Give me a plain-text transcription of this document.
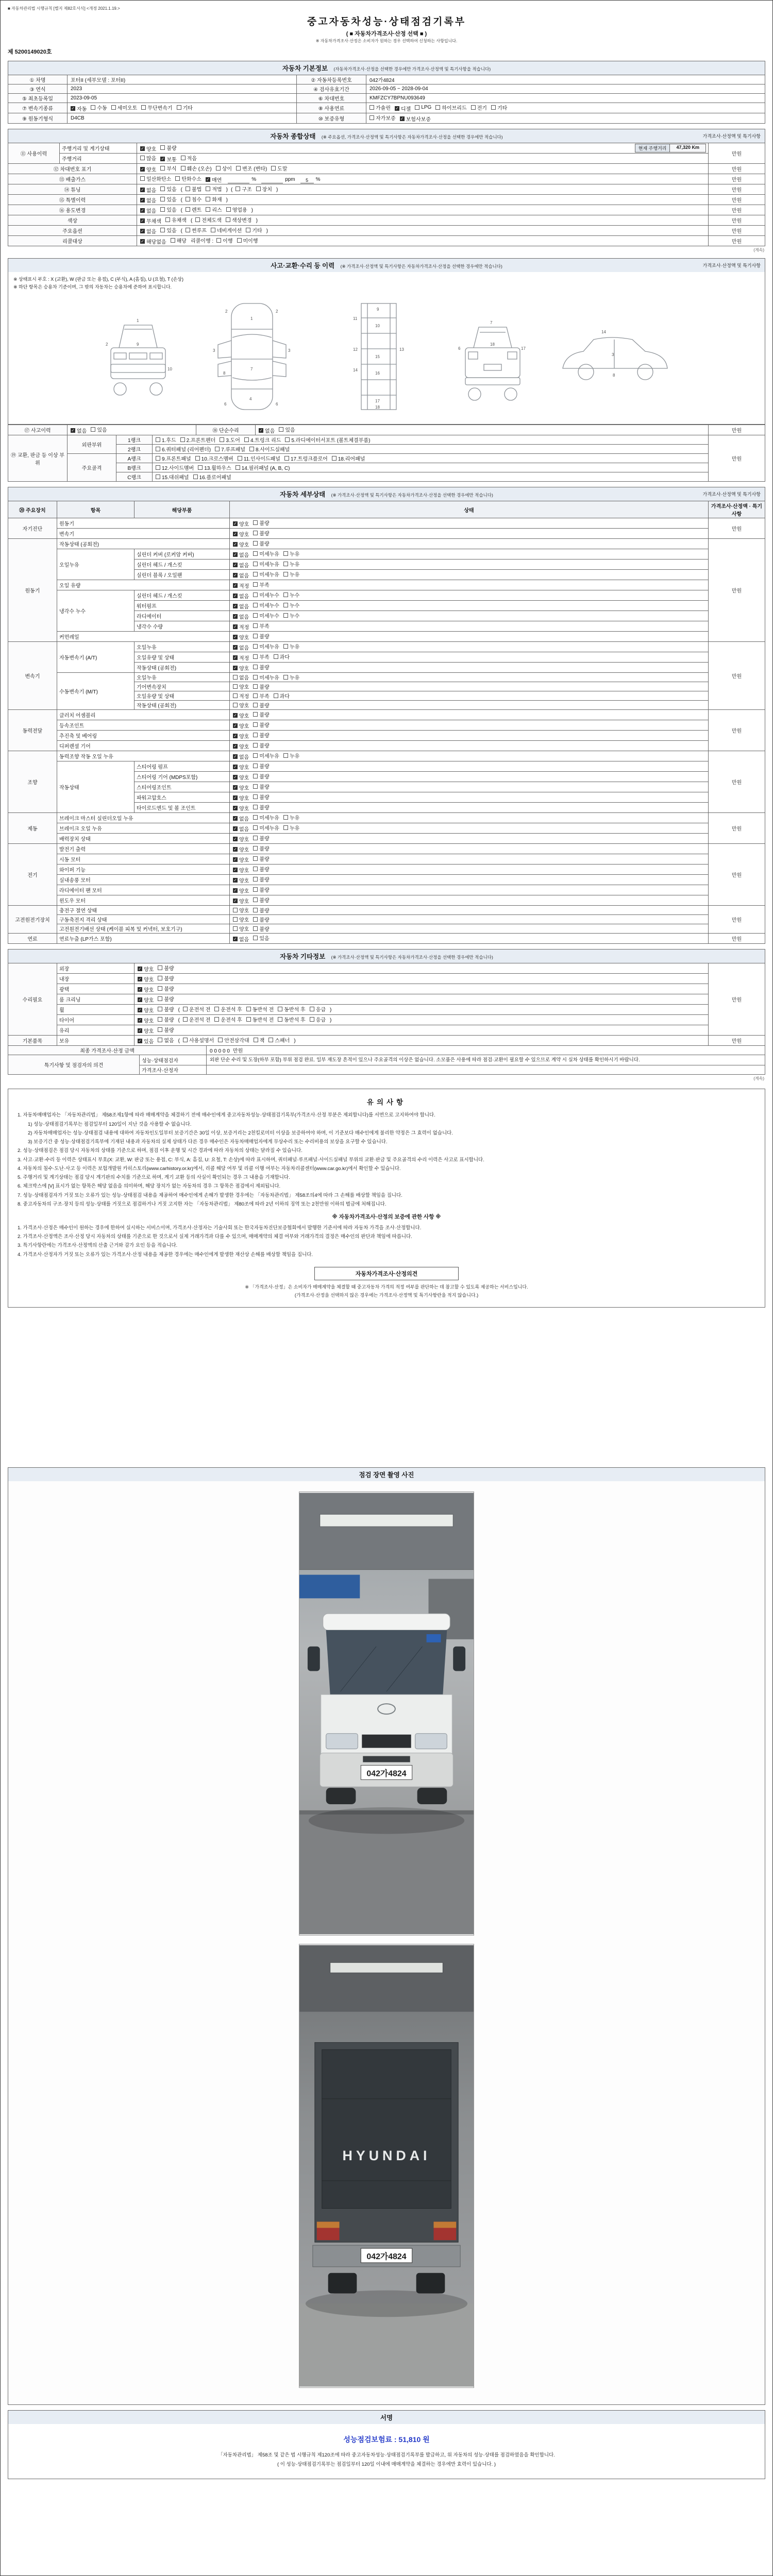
■ 자동차관리법 시행규칙 [별지 제82호서식] <개정 2021.1.19.>
중고자동차성능·상태점검기록부
( ■ 자동차가격조사·산정 선택 ■ )
※ 자동차가격조사·산정은 소비자가 원하는 경우 선택하여 신청하는 사항입니다.
제 5200149020호
자동차 기본정보 (자동차가격조사·산정을 선택한 경우에만 가격조사·산정액 및 특기사항을 적습니다)
① 차명	포터II (세부모델 : 포터II)	② 자동차등록번호	042가4824
③ 연식	2023	④ 검사유효기간	2026-09-05 ~ 2028-09-04
⑤ 최초등록일	2023-09-05	⑥ 차대번호	KMFZCY7BPNU093649
⑦ 변속기종류	✓ 자동 수동 세미오토 무단변속기 기타	⑧ 사용연료	가솔린 ✓ 디젤 LPG 하이브리드 전기 기타

⑨ 원동기형식	D4CB	⑩ 보증유형	자가보증 ✓ 보험사보증
자동차 종합상태 (※ 주요옵션, 가격조사·산정액 및 특기사항은 자동차가격조사·산정을 선택한 경우에만 적습니다)	가격조사·산정액 및 특기사항
⑪ 사용이력	주행거리 및 계기상태	✓ 양호 불량 현재 주행거리 47,320 Km	만원
	주행거리	많음 ✓ 보통 적음	

⑫ 차대번호 표기	✓ 양호 부식 훼손 (오손) 상이 변조 (변타) 도말	만원
⑬ 배출가스		일산화탄소 탄화수소 ✓ 매연 % ppm 5 %	만원
⑭ 튜닝	✓ 없음 있음 ( 불법 적법 ) ( 구조 장치 )	만원
⑮ 특별이력	✓ 없음 있음 ( 침수 화재 )	만원
⑯ 용도변경	✓ 없음 있음 ( 렌트 리스 영업용 )	만원
색상	✓ 무채색 유채색 ( 전체도색 색상변경 )	만원
주요옵션	✓ 없음 있음 ( 썬루프 네비게이션 기타 )	만원
리콜대상	✓ 해당없음 해당 리콜이행 : 이행 미이행	만원
(계속)
사고·교환·수리 등 이력 (※ 가격조사·산정액 및 특기사항은 자동차가격조사·산정을 선택한 경우에만 적습니다)	가격조사·산정액 및 특기사항
※ 상태표시 부호 : X (교환), W (판금 또는 용접), C (부식), A (흠집), U (요철), T (손상)
※ 하단 항목은 승용차 기준이며, 그 밖의 자동차는 승용차에 준하여 표시합니다.
1
2	9
10
1
7
4
2	2
3	3
6	6
8
9
10
11
12	13
14
15
16
17
18
7
17
18
6
3
8
14
⑰ 사고이력	✓ 없음 있음	⑱ 단순수리	✓ 없음 있음	만원
⑲ 교환, 판금 등 이상 부위	외판부위	1랭크	1.후드 2.프론트펜더 3.도어 4.트렁크 리드 5.라디에이터서포트 (볼트체결부품)	만원
		2랭크	6.쿼터패널 (리어펜더) 7.루프패널 8.사이드실패널	

	주요골격	A랭크	9.프론트패널 10.크로스멤버 11.인사이드패널 17.트렁크플로어 18.리어패널	

		B랭크	12.사이드멤버 13.휠하우스 14.필러패널 (A, B, C)	

		C랭크	15.대쉬패널 16.플로어패널	
자동차 세부상태 (※ 가격조사·산정액 및 특기사항은 자동차가격조사·산정을 선택한 경우에만 적습니다)	가격조사·산정액 및 특기사항
⑳ 주요장치	항목	해당부품	상태	가격조사·산정액 · 특기사항
자기진단	원동기		✓ 양호 불량	만원
	변속기		✓ 양호 불량	

원동기	작동상태 (공회전)		✓ 양호 불량	만원
	오일누유	실린더 커버 (로커암 커버)	✓ 없음 미세누유 누유	

		실린더 헤드 / 개스킷	✓ 없음 미세누유 누유	

		실린더 블록 / 오일팬	✓ 없음 미세누유 누유	

	오일 유량		✓ 적정 부족	

	냉각수 누수	실린더 헤드 / 개스킷	✓ 없음 미세누수 누수	

		워터펌프	✓ 없음 미세누수 누수	

		라디에이터	✓ 없음 미세누수 누수	

		냉각수 수량	✓ 적정 부족	

	커먼레일		✓ 양호 불량	

변속기	자동변속기 (A/T)	오일누유	✓ 없음 미세누유 누유	만원
		오일유량 및 상태	✓ 적정 부족 과다	

		작동상태 (공회전)	✓ 양호 불량	

	수동변속기 (M/T)	오일누유	없음 미세누유 누유	

		기어변속장치	양호 불량	

		오일유량 및 상태	적정 부족 과다	

		작동상태 (공회전)	양호 불량	

동력전달	클러치 어셈블리		✓ 양호 불량	만원
	등속조인트		✓ 양호 불량	

	추진축 및 베어링		✓ 양호 불량	

	디퍼렌셜 기어		✓ 양호 불량	

조향	동력조향 작동 오일 누유		✓ 없음 미세누유 누유	만원
	작동상태	스티어링 펌프	✓ 양호 불량	

		스티어링 기어 (MDPS포함)	✓ 양호 불량	

		스티어링조인트	✓ 양호 불량	

		파워고압호스	✓ 양호 불량	

		타이로드엔드 및 볼 조인트	✓ 양호 불량	

제동	브레이크 마스터 실린더오일 누유		✓ 없음 미세누유 누유	만원
	브레이크 오일 누유		✓ 없음 미세누유 누유	

	배력장치 상태		✓ 양호 불량	

전기	발전기 출력		✓ 양호 불량	만원
	시동 모터		✓ 양호 불량	

	와이퍼 기능		✓ 양호 불량	

	실내송풍 모터		✓ 양호 불량	

	라디에이터 팬 모터		✓ 양호 불량	

	윈도우 모터		✓ 양호 불량	

고전원전기장치	충전구 절연 상태		양호 불량	만원
	구동축전지 격리 상태		양호 불량	

	고전원전기배선 상태 (케이블 피복 및 커넥터, 보호기구)		양호 불량	

연료	연료누출 (LP가스 포함)		✓ 없음 있음	만원
자동차 기타정보 (※ 가격조사·산정액 및 특기사항은 자동차가격조사·산정을 선택한 경우에만 적습니다)
수리필요	외장	✓ 양호 불량	만원
	내장	✓ 양호 불량	

	광택	✓ 양호 불량	

	룸 크리닝	✓ 양호 불량	

휠	✓ 양호 불량 ( 운전석 전 운전석 후 동반석 전 동반석 후 응급 )
타이어	✓ 양호 불량 ( 운전석 전 운전석 후 동반석 전 동반석 후 응급 )
	유리	✓ 양호 불량	

기본품목	보유	✓ 있음 없음 ( 사용설명서 안전삼각대 잭 스패너 )	만원
최종 가격조사·산정 금액		0 0 0 0 0 만원
특기사항 및 점검자의 의견	성능·상태점검자	외판 단순 수리 및 도장(하부 포함) 부위 점검 완료. 일부 재도장 흔적이 있으나 주요골격의 이상은 없습니다. 소모품은 사용에 따라 점검·교환이 필요할 수 있으므로 계약 시 실차 상태를 확인하시기 바랍니다.
	가격조사·산정자	
(계속)
유의사항
1. 자동차매매업자는 「자동차관리법」 제58조제1항에 따라 매매계약을 체결하기 전에 매수인에게 중고자동차성능·상태점검기록부(가격조사·산정 부분은 제외합니다)를 서면으로 고지하여야 합니다.
1) 성능·상태점검기록부는 점검일부터 120일이 지난 것을 사용할 수 없습니다.
2) 자동차매매업자는 성능·상태점검 내용에 대하여 자동차인도일부터 보증기간은 30일 이상, 보증거리는 2천킬로미터 이상을 보증하여야 하며, 이 기준보다 매수인에게 불리한 약정은 그 효력이 없습니다.
3) 보증기간 중 성능·상태점검기록부에 기재된 내용과 자동차의 실제 상태가 다른 경우 매수인은 자동차매매업자에게 무상수리 또는 수리비용의 보상을 요구할 수 있습니다.
2. 성능·상태점검은 점검 당시 자동차의 상태를 기준으로 하며, 점검 이후 운행 및 시간 경과에 따라 자동차의 상태는 달라질 수 있습니다.
3. 사고·교환·수리 등 이력은 상태표시 부호(X: 교환, W: 판금 또는 용접, C: 부식, A: 흠집, U: 요철, T: 손상)에 따라 표시하며, 쿼터패널·루프패널·사이드실패널 부위의 교환·판금 및 주요골격의 수리 이력은 사고로 표시합니다.
4. 자동차의 침수·도난·사고 등 이력은 보험개발원 카히스토리(www.carhistory.or.kr)에서, 리콜 해당 여부 및 리콜 이행 여부는 자동차리콜센터(www.car.go.kr)에서 확인할 수 있습니다.
5. 주행거리 및 계기상태는 점검 당시 계기판의 수치를 기준으로 하며, 계기 교환 등의 사실이 확인되는 경우 그 내용을 기재합니다.
6. 체크박스에 [V] 표시가 없는 항목은 해당 없음을 의미하며, 해당 장치가 없는 자동차의 경우 그 항목은 점검에서 제외됩니다.
7. 성능·상태점검자가 거짓 또는 오류가 있는 성능·상태점검 내용을 제공하여 매수인에게 손해가 발생한 경우에는 「자동차관리법」 제58조의4에 따라 그 손해를 배상할 책임을 집니다.
8. 중고자동차의 구조·장치 등의 성능·상태를 거짓으로 점검하거나 거짓 고지한 자는 「자동차관리법」 제80조에 따라 2년 이하의 징역 또는 2천만원 이하의 벌금에 처해집니다.
※ 자동차가격조사·산정의 보증에 관한 사항 ※
1. 가격조사·산정은 매수인이 원하는 경우에 한하여 실시하는 서비스이며, 가격조사·산정자는 기술사회 또는 한국자동차진단보증협회에서 발행한 기준서에 따라 자동차 가격을 조사·산정합니다.
2. 가격조사·산정액은 조사·산정 당시 자동차의 상태를 기준으로 한 것으로서 실제 거래가격과 다를 수 있으며, 매매계약의 체결 여부와 거래가격의 결정은 매수인의 판단과 책임에 따릅니다.
3. 특기사항란에는 가격조사·산정액의 산출 근거와 감가 요인 등을 적습니다.
4. 가격조사·산정자가 거짓 또는 오류가 있는 가격조사·산정 내용을 제공한 경우에는 매수인에게 발생한 재산상 손해를 배상할 책임을 집니다.
자동차가격조사·산정의견
※ 「가격조사·산정」은 소비자가 매매계약을 체결할 때 중고자동차 가격의 적정 여부를 판단하는 데 참고할 수 있도록 제공하는 서비스입니다.
(가격조사·산정을 선택하지 않은 경우에는 가격조사·산정액 및 특기사항란을 적지 않습니다.)
점검 장면 촬영 사진
042가4824
HYUNDAI
042가4824
서명
성능점검보험료 : 51,810 원
「자동차관리법」 제58조 및 같은 법 시행규칙 제120조에 따라 중고자동차성능·상태점검기록부를 발급하고, 위 자동차의 성능·상태를 점검하였음을 확인합니다.
( 이 성능·상태점검기록부는 점검일부터 120일 이내에 매매계약을 체결하는 경우에만 효력이 있습니다. )
